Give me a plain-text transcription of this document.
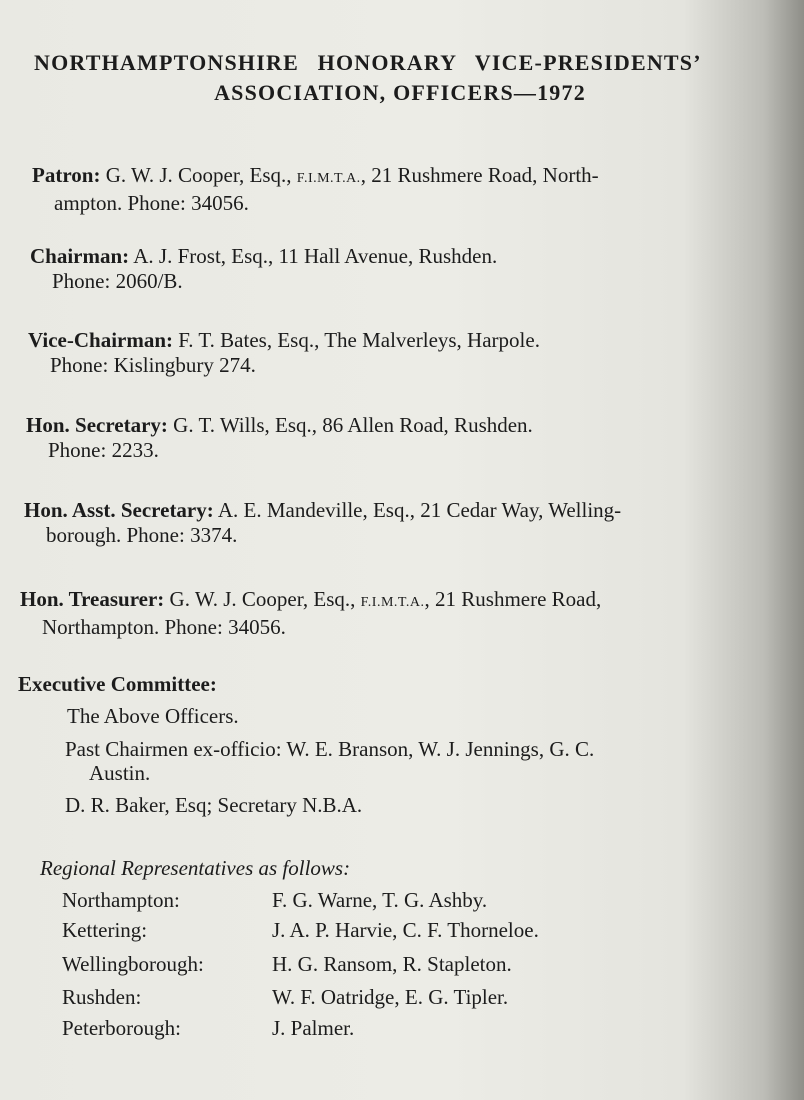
NORTHAMPTONSHIRE HONORARY VICE-PRESIDENTS’
ASSOCIATION, OFFICERS—1972
Patron: G. W. J. Cooper, Esq., F.I.M.T.A., 21 Rushmere Road, North-
ampton. Phone: 34056.
Chairman: A. J. Frost, Esq., 11 Hall Avenue, Rushden.
Phone: 2060/B.
Vice-Chairman: F. T. Bates, Esq., The Malverleys, Harpole.
Phone: Kislingbury 274.
Hon. Secretary: G. T. Wills, Esq., 86 Allen Road, Rushden.
Phone: 2233.
Hon. Asst. Secretary: A. E. Mandeville, Esq., 21 Cedar Way, Welling-
borough. Phone: 3374.
Hon. Treasurer: G. W. J. Cooper, Esq., F.I.M.T.A., 21 Rushmere Road,
Northampton. Phone: 34056.
Executive Committee:
The Above Officers.
Past Chairmen ex-officio: W. E. Branson, W. J. Jennings, G. C.
Austin.
D. R. Baker, Esq; Secretary N.B.A.
Regional Representatives as follows:
Northampton:	F. G. Warne, T. G. Ashby.
Kettering:	J. A. P. Harvie, C. F. Thorneloe.
Wellingborough:	H. G. Ransom, R. Stapleton.
Rushden:	W. F. Oatridge, E. G. Tipler.
Peterborough:	J. Palmer.
